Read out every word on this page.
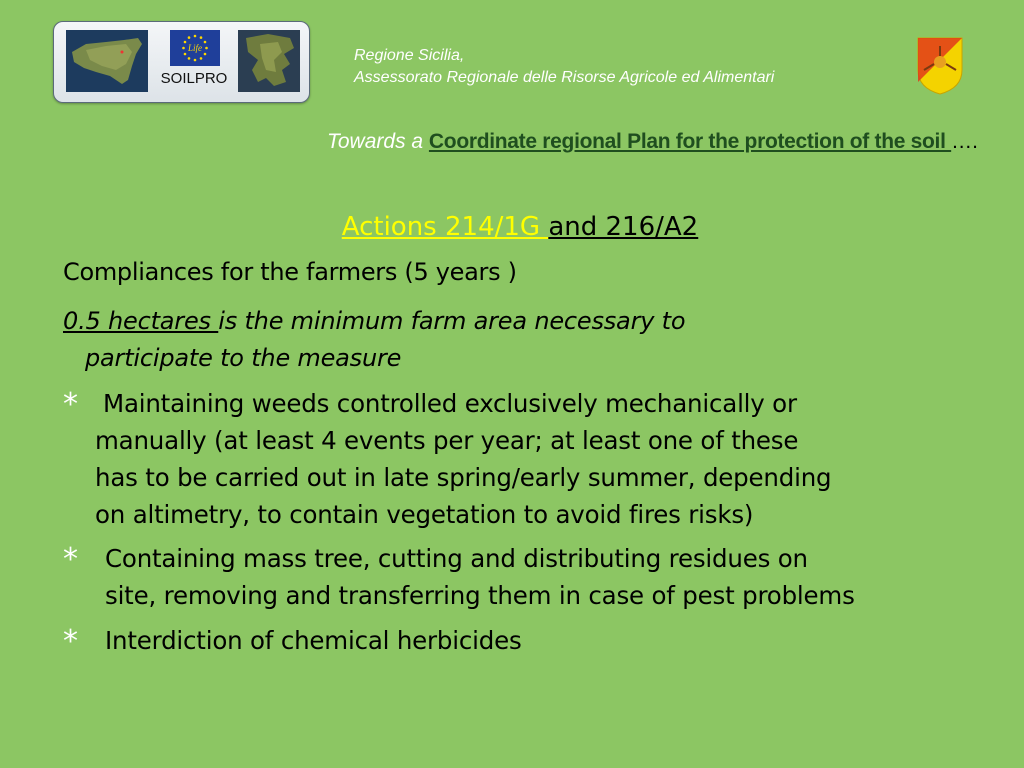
Life
SOILPRO
Regione Sicilia,
Assessorato Regionale delle Risorse Agricole ed Alimentari
Towards a Coordinate regional Plan for the protection of the soil ….
Actions 214/1G and 216/A2
Compliances for the farmers (5 years )
0.5 hectares is the minimum farm area necessary to
participate to the measure
*	Maintaining weeds controlled exclusively mechanically or
manually (at least 4 events per year; at least one of these
has to be carried out in late spring/early summer, depending
on altimetry, to contain vegetation to avoid fires risks)
*	Containing mass tree, cutting and distributing residues on
site, removing and transferring them in case of pest problems
*	Interdiction of chemical herbicides
